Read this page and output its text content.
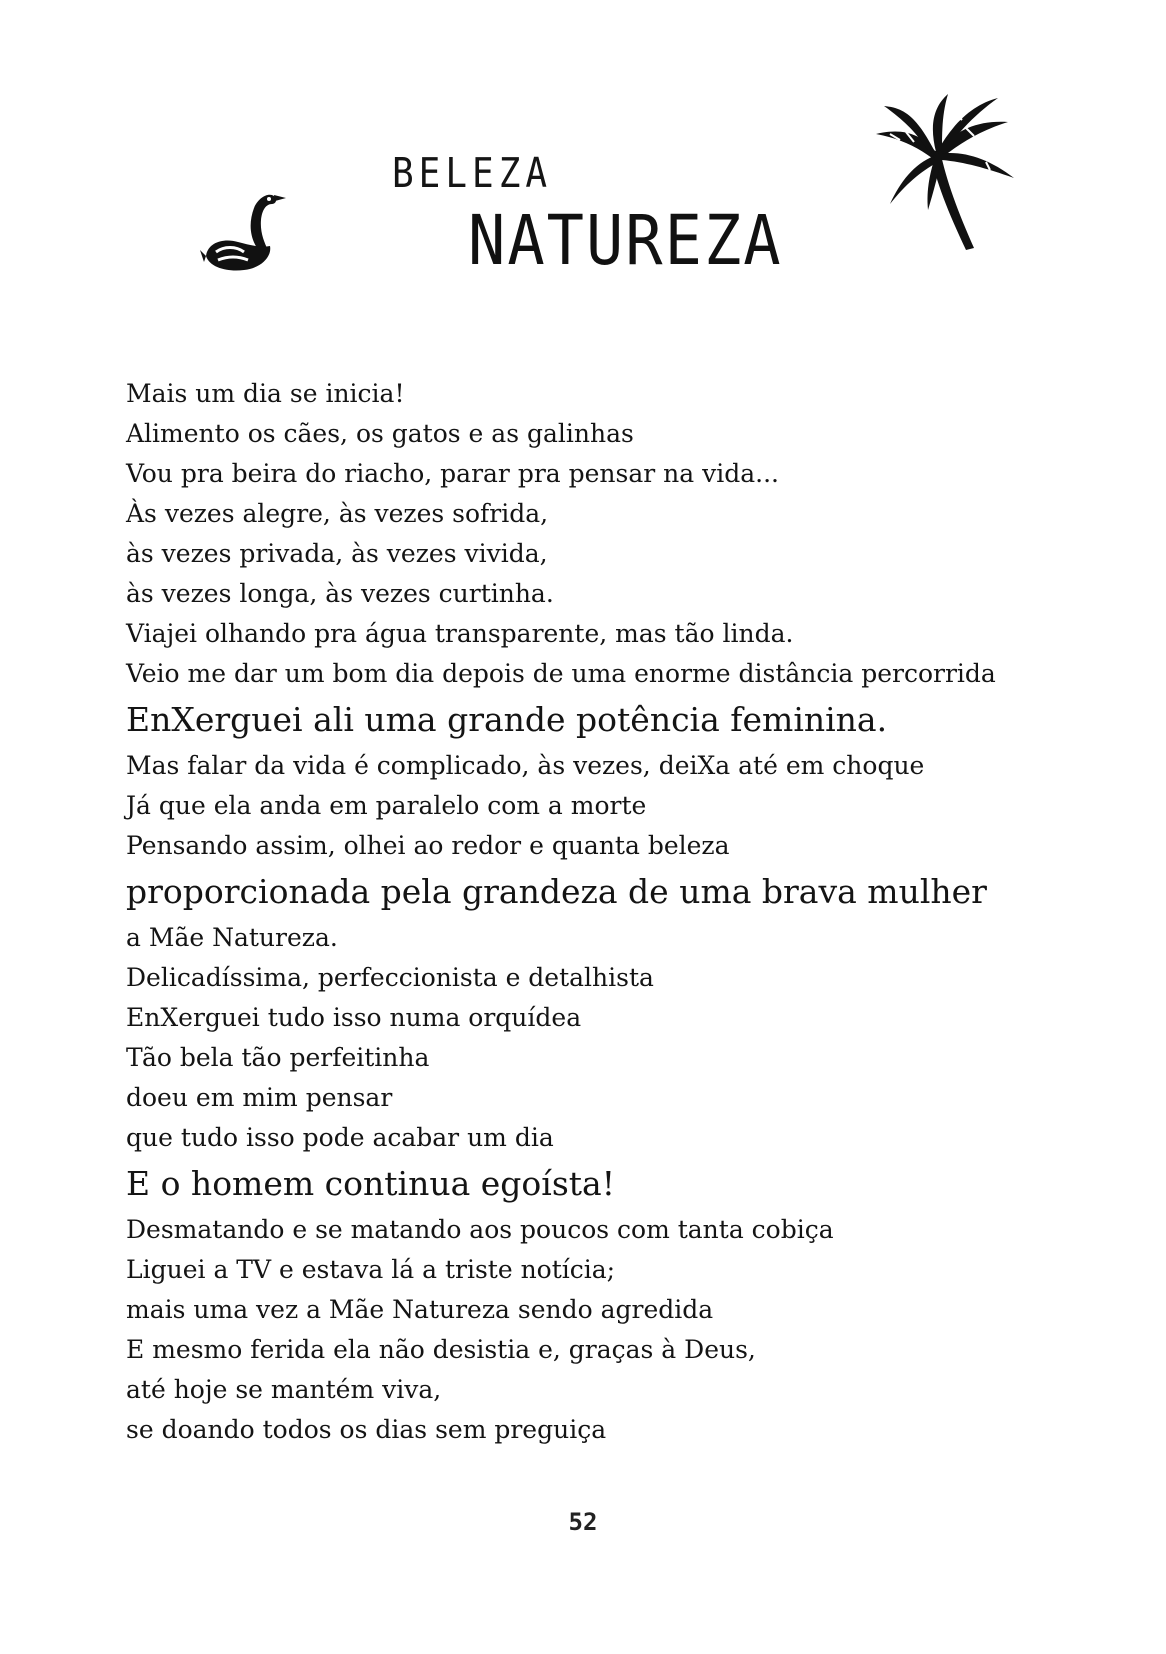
BELEZA
NATUREZA
Mais um dia se inicia!
Alimento os cães, os gatos e as galinhas
Vou pra beira do riacho, parar pra pensar na vida...
Às vezes alegre, às vezes sofrida,
às vezes privada, às vezes vivida,
às vezes longa, às vezes curtinha.
Viajei olhando pra água transparente, mas tão linda.
Veio me dar um bom dia depois de uma enorme distância percorrida
EnXerguei ali uma grande potência feminina.
Mas falar da vida é complicado, às vezes, deiXa até em choque
Já que ela anda em paralelo com a morte
Pensando assim, olhei ao redor e quanta beleza
proporcionada pela grandeza de uma brava mulher
a Mãe Natureza.
Delicadíssima, perfeccionista e detalhista
EnXerguei tudo isso numa orquídea
Tão bela tão perfeitinha
doeu em mim pensar
que tudo isso pode acabar um dia
E o homem continua egoísta!
Desmatando e se matando aos poucos com tanta cobiça
Liguei a TV e estava lá a triste notícia;
mais uma vez a Mãe Natureza sendo agredida
E mesmo ferida ela não desistia e, graças à Deus,
até hoje se mantém viva,
se doando todos os dias sem preguiça
52
